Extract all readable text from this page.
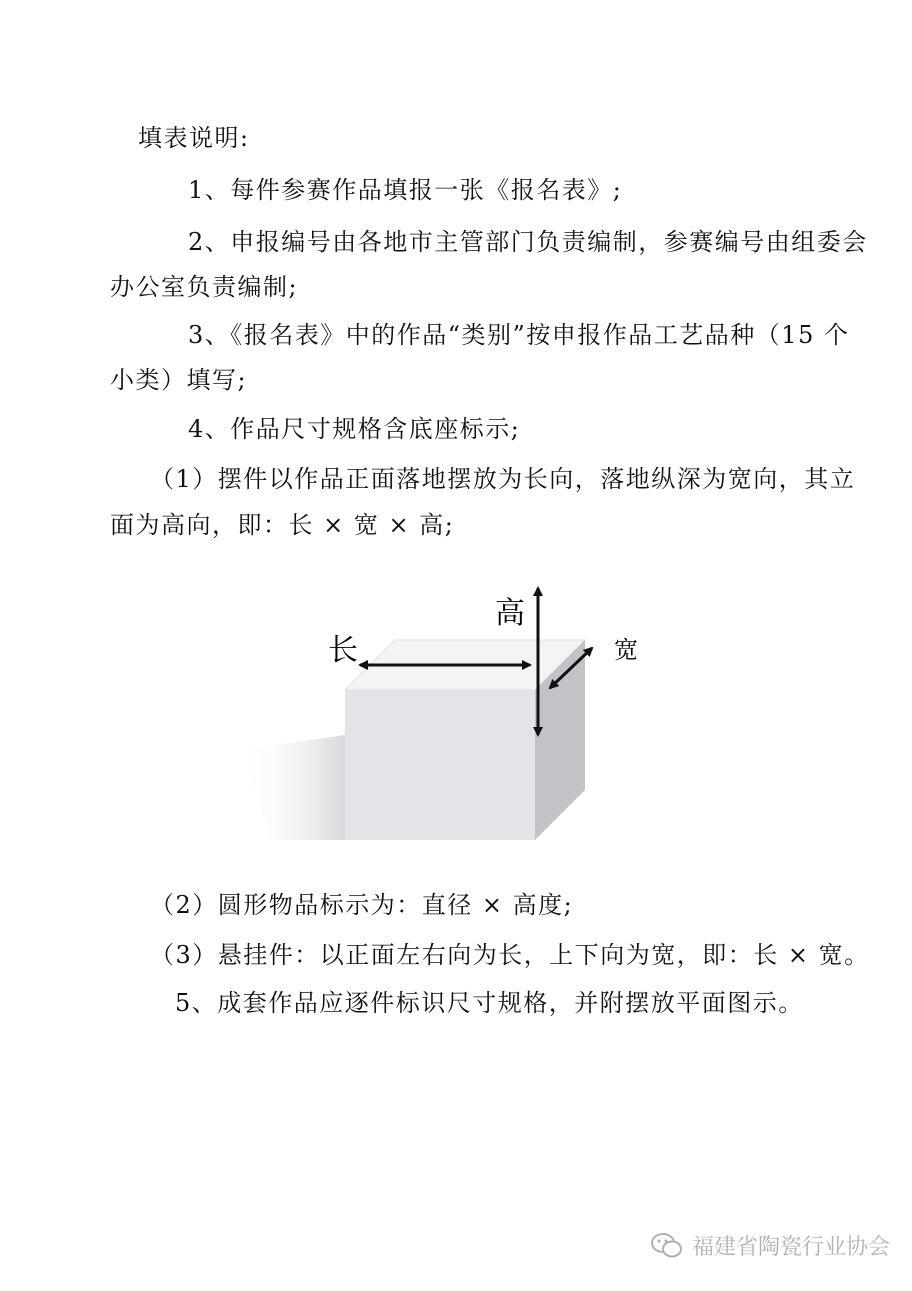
填表说明:
1、每件参赛作品填报一张《报名表》;
2、申报编号由各地市主管部门负责编制，参赛编号由组委会
办公室负责编制;
3、《报名表》中的作品“类别”按申报作品工艺品种（15 个
小类）填写;
4、作品尺寸规格含底座标示;
（1）摆件以作品正面落地摆放为长向，落地纵深为宽向，其立
面为高向，即：长 × 宽 × 高;
长
高
宽
（2）圆形物品标示为：直径 × 高度;
（3）悬挂件：以正面左右向为长，上下向为宽，即：长 × 宽。
5、成套作品应逐件标识尺寸规格，并附摆放平面图示。
福建省陶瓷行业协会
